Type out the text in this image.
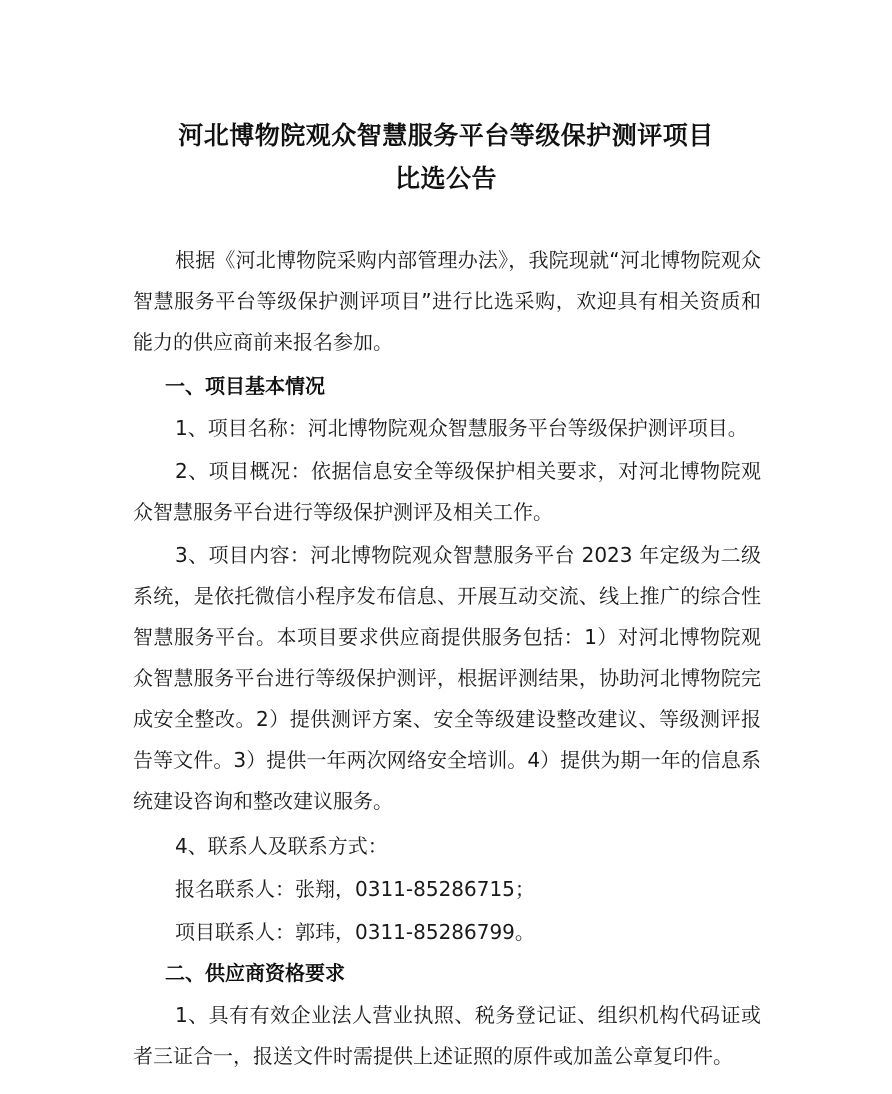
河北博物院观众智慧服务平台等级保护测评项目
比选公告
根据《河北博物院采购内部管理办法》，我院现就“河北博物院观众智慧服务平台等级保护测评项目”进行比选采购，欢迎具有相关资质和能力的供应商前来报名参加。
一、项目基本情况
1、项目名称：河北博物院观众智慧服务平台等级保护测评项目。
2、项目概况：依据信息安全等级保护相关要求，对河北博物院观众智慧服务平台进行等级保护测评及相关工作。
3、项目内容：河北博物院观众智慧服务平台 2023 年定级为二级系统，是依托微信小程序发布信息、开展互动交流、线上推广的综合性智慧服务平台。本项目要求供应商提供服务包括：1）对河北博物院观众智慧服务平台进行等级保护测评，根据评测结果，协助河北博物院完成安全整改。2）提供测评方案、安全等级建设整改建议、等级测评报告等文件。3）提供一年两次网络安全培训。4）提供为期一年的信息系统建设咨询和整改建议服务。
4、联系人及联系方式：
报名联系人：张翔，0311-85286715；
项目联系人：郭玮，0311-85286799。
二、供应商资格要求
1、具有有效企业法人营业执照、税务登记证、组织机构代码证或者三证合一，报送文件时需提供上述证照的原件或加盖公章复印件。
